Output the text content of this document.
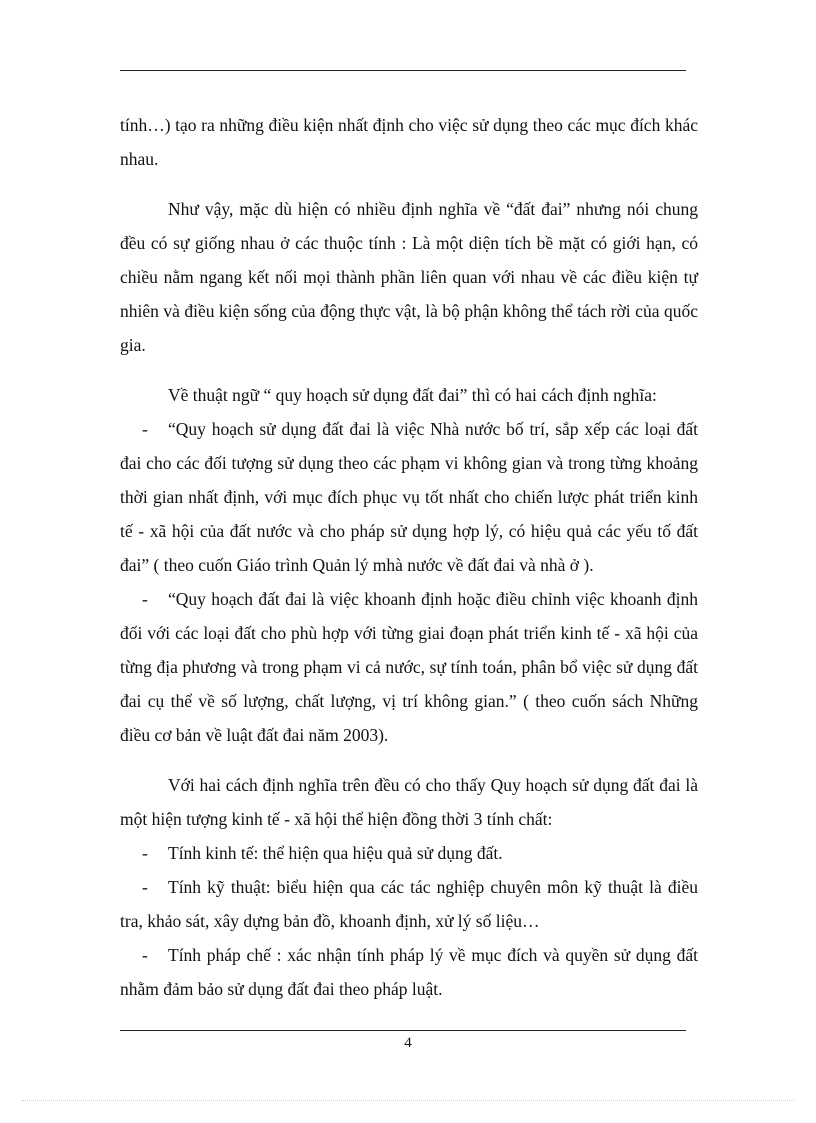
tính…) tạo ra những điều kiện nhất định cho việc sử dụng theo các mục đích khác nhau.

Như vậy, mặc dù hiện có nhiều định nghĩa về “đất đai” nhưng nói chung đều có sự giống nhau ở các thuộc tính : Là một diện tích bề mặt có giới hạn, có chiều nằm ngang kết nối mọi thành phần liên quan với nhau về các điều kiện tự nhiên và điều kiện sống của động thực vật, là bộ phận không thể tách rời của quốc gia.

Về thuật ngữ “ quy hoạch sử dụng đất đai” thì có hai cách định nghĩa:

- “Quy hoạch sử dụng đất đai là việc Nhà nước bố trí, sắp xếp các loại đất đai cho các đối tượng sử dụng theo các phạm vi không gian và trong từng khoảng thời gian nhất định, với mục đích phục vụ tốt nhất cho chiến lược phát triển kinh tế - xã hội của đất nước và cho pháp sử dụng hợp lý, có hiệu quả các yếu tố đất đai” ( theo cuốn Giáo trình Quản lý mhà nước về đất đai và nhà ở ).

- “Quy hoạch đất đai là việc khoanh định hoặc điều chỉnh việc khoanh định đối với các loại đất cho phù hợp với từng giai đoạn phát triển kinh tế - xã hội của từng địa phương và trong phạm vi cả nước, sự tính toán, phân bổ việc sử dụng đất đai cụ thể về số lượng, chất lượng, vị trí không gian.” ( theo cuốn sách Những điều cơ bản về luật đất đai năm 2003).

Với hai cách định nghĩa trên đều có cho thấy Quy hoạch sử dụng đất đai là một hiện tượng kinh tế - xã hội thể hiện đồng thời 3 tính chất:

- Tính kinh tế: thể hiện qua hiệu quả sử dụng đất.

- Tính kỹ thuật: biểu hiện qua các tác nghiệp chuyên môn kỹ thuật là điều tra, khảo sát, xây dựng bản đồ, khoanh định, xử lý số liệu…

- Tính pháp chế : xác nhận tính pháp lý về mục đích và quyền sử dụng đất nhằm đảm bảo sử dụng đất đai theo pháp luật.

4
